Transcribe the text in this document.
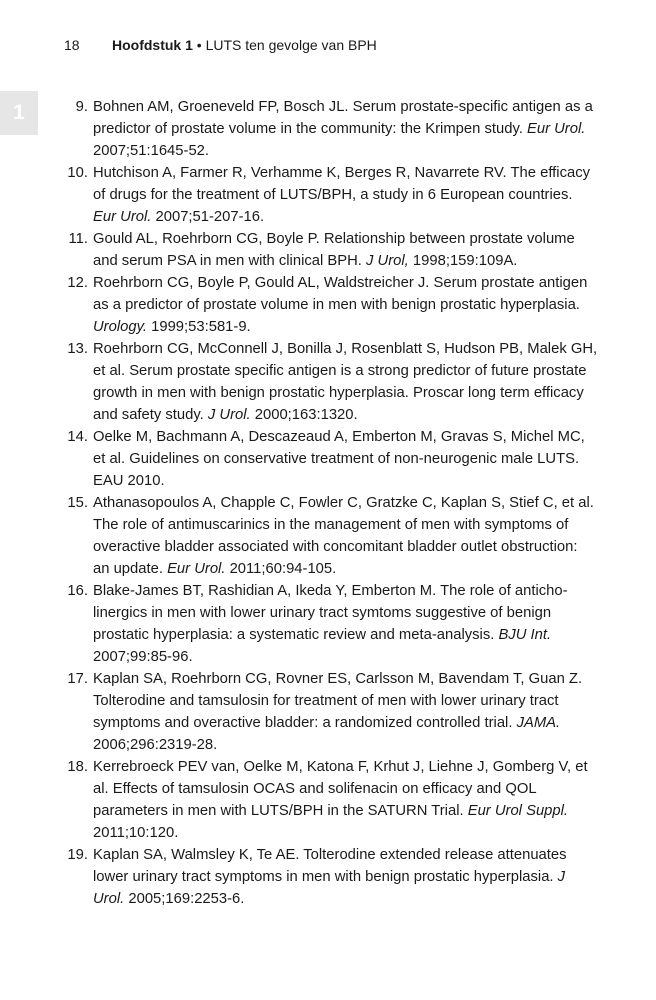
18 Hoofdstuk 1 • LUTS ten gevolge van BPH
1	9. Bohnen AM, Groeneveld FP, Bosch JL. Serum prostate-specific antigen as a predictor of prostate volume in the community: the Krimpen study. Eur Urol. 2007;51:1645-52.
10. Hutchison A, Farmer R, Verhamme K, Berges R, Navarrete RV. The efficacy of drugs for the treatment of LUTS/BPH, a study in 6 European countries. Eur Urol. 2007;51-207-16.
11. Gould AL, Roehrborn CG, Boyle P. Relationship between prostate volume and serum PSA in men with clinical BPH. J Urol, 1998;159:109A.
12. Roehrborn CG, Boyle P, Gould AL, Waldstreicher J. Serum prostate antigen as a predictor of prostate volume in men with benign prostatic hyperplasia. Urology. 1999;53:581-9.
13. Roehrborn CG, McConnell J, Bonilla J, Rosenblatt S, Hudson PB, Malek GH, et al. Serum prostate specific antigen is a strong predictor of future prostate growth in men with benign prostatic hyperplasia. Proscar long term efficacy and safety study. J Urol. 2000;163:1320.
14. Oelke M, Bachmann A, Descazeaud A, Emberton M, Gravas S, Michel MC, et al. Guidelines on conservative treatment of non-neurogenic male LUTS. EAU 2010.
15. Athanasopoulos A, Chapple C, Fowler C, Gratzke C, Kaplan S, Stief C, et al. The role of antimuscarinics in the management of men with symptoms of overactive bladder associated with concomitant bladder outlet obstruction: an update. Eur Urol. 2011;60:94-105.
16. Blake-James BT, Rashidian A, Ikeda Y, Emberton M. The role of anticholinergics in men with lower urinary tract symtoms suggestive of benign prostatic hyperplasia: a systematic review and meta-analysis. BJU Int. 2007;99:85-96.
17. Kaplan SA, Roehrborn CG, Rovner ES, Carlsson M, Bavendam T, Guan Z. Tolterodine and tamsulosin for treatment of men with lower urinary tract symptoms and overactive bladder: a randomized controlled trial. JAMA. 2006;296:2319-28.
18. Kerrebroeck PEV van, Oelke M, Katona F, Krhut J, Liehne J, Gomberg V, et al. Effects of tamsulosin OCAS and solifenacin on efficacy and QOL parameters in men with LUTS/BPH in the SATURN Trial. Eur Urol Suppl. 2011;10:120.
19. Kaplan SA, Walmsley K, Te AE. Tolterodine extended release attenuates lower urinary tract symptoms in men with benign prostatic hyperplasia. J Urol. 2005;169:2253-6.
